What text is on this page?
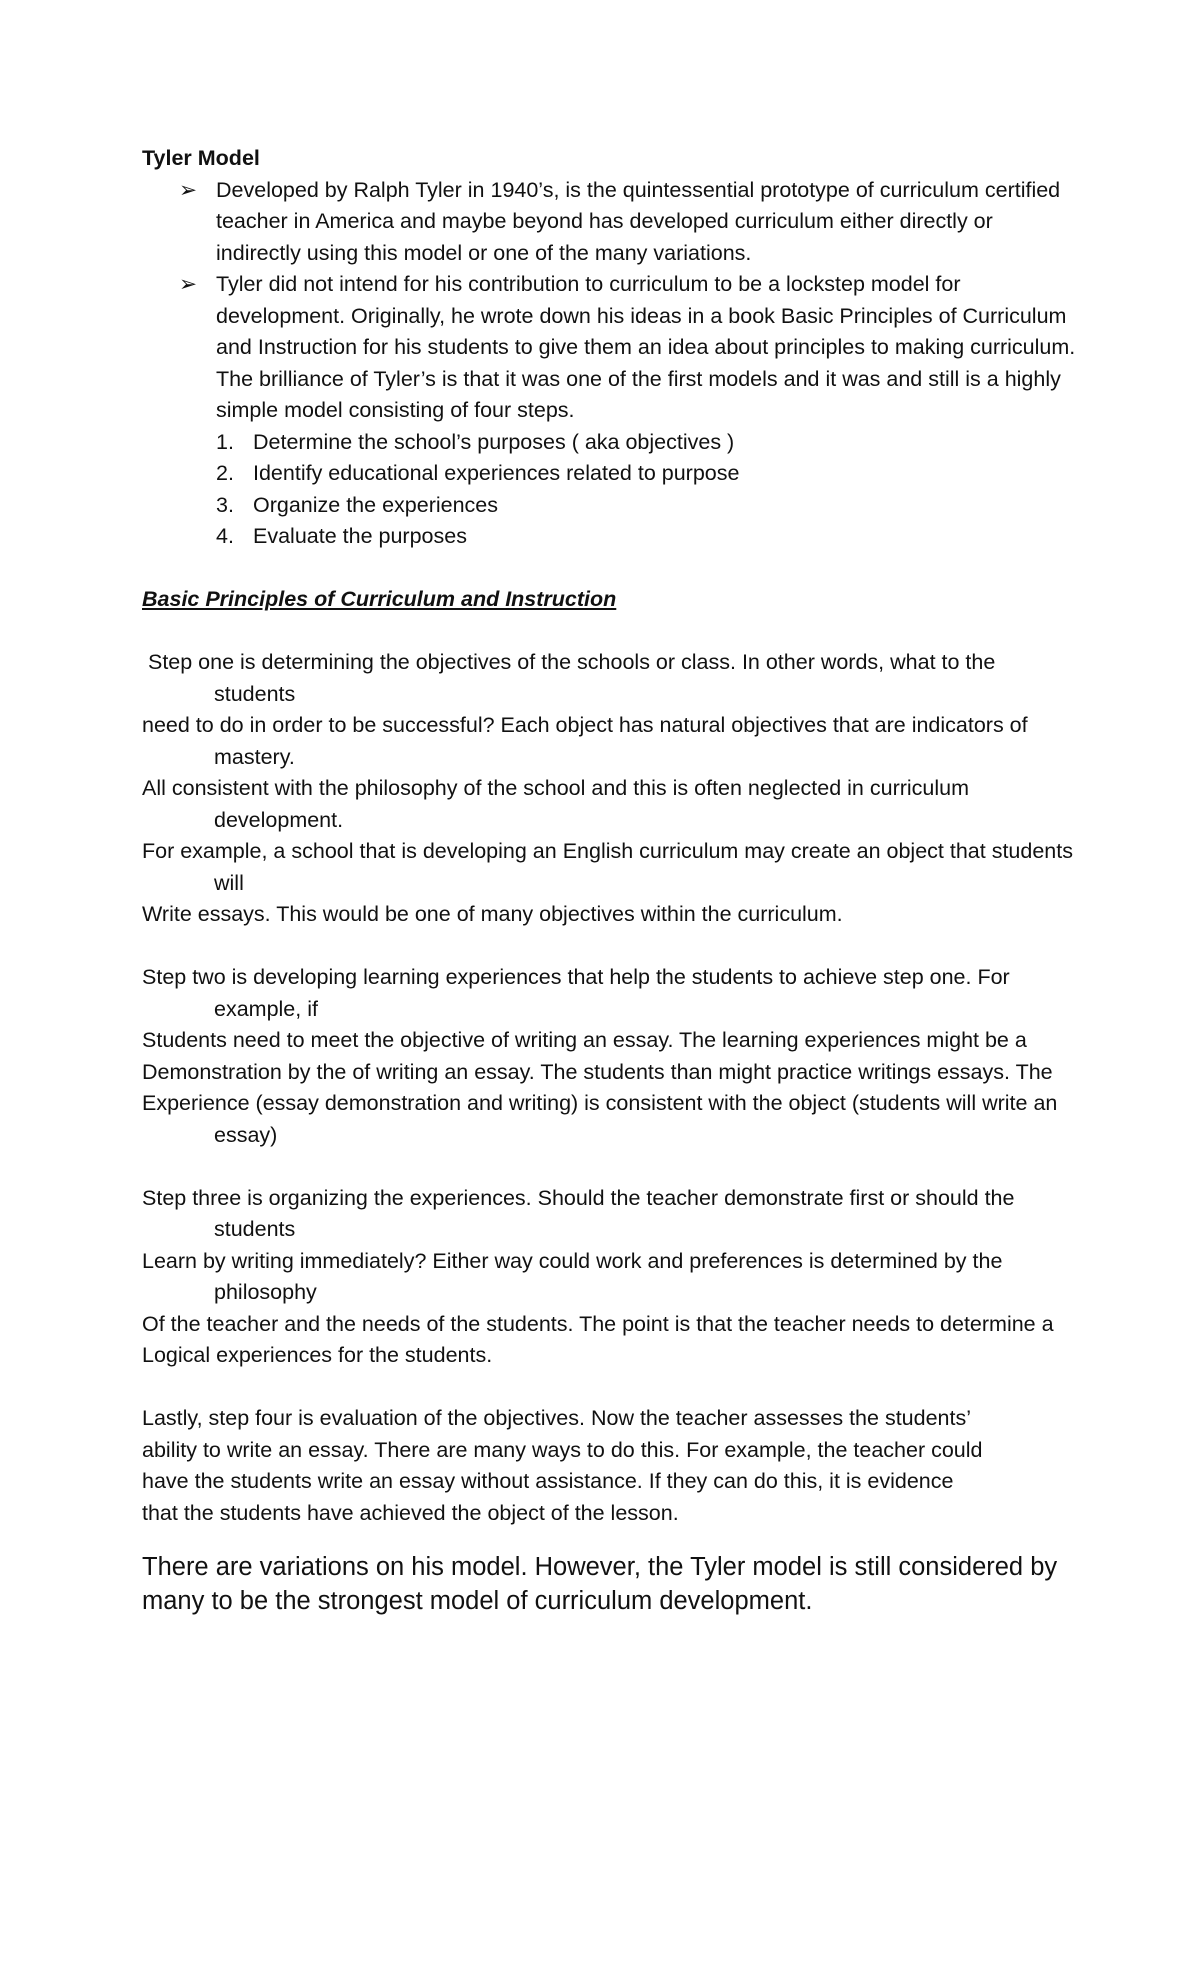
Tyler Model

➢ Developed by Ralph Tyler in 1940’s, is the quintessential prototype of curriculum certified teacher in America and maybe beyond has developed curriculum either directly or indirectly using this model or one of the many variations.
➢ Tyler did not intend for his contribution to curriculum to be a lockstep model for development. Originally, he wrote down his ideas in a book Basic Principles of Curriculum and Instruction for his students to give them an idea about principles to making curriculum. The brilliance of Tyler’s is that it was one of the first models and it was and still is a highly simple model consisting of four steps.
1. Determine the school’s purposes ( aka objectives )
2. Identify educational experiences related to purpose
3. Organize the experiences
4. Evaluate the purposes

Basic Principles of Curriculum and Instruction

Step one is determining the objectives of the schools or class. In other words, what to the students

need to do in order to be successful? Each object has natural objectives that are indicators of mastery.

All consistent with the philosophy of the school and this is often neglected in curriculum development.

For example, a school that is developing an English curriculum may create an object that students will

Write essays. This would be one of many objectives within the curriculum.

Step two is developing learning experiences that help the students to achieve step one. For example, if

Students need to meet the objective of writing an essay. The learning experiences might be a

Demonstration by the of writing an essay. The students than might practice writings essays. The

Experience (essay demonstration and writing) is consistent with the object (students will write an essay)

Step three is organizing the experiences. Should the teacher demonstrate first or should the students

Learn by writing immediately? Either way could work and preferences is determined by the philosophy

Of the teacher and the needs of the students. The point is that the teacher needs to determine a

Logical experiences for the students.

Lastly, step four is evaluation of the objectives. Now the teacher assesses the students’

ability to write an essay. There are many ways to do this. For example, the teacher could

have the students write an essay without assistance. If they can do this, it is evidence

that the students have achieved the object of the lesson.

There are variations on his model. However, the Tyler model is still considered by many to be the strongest model of curriculum development.
